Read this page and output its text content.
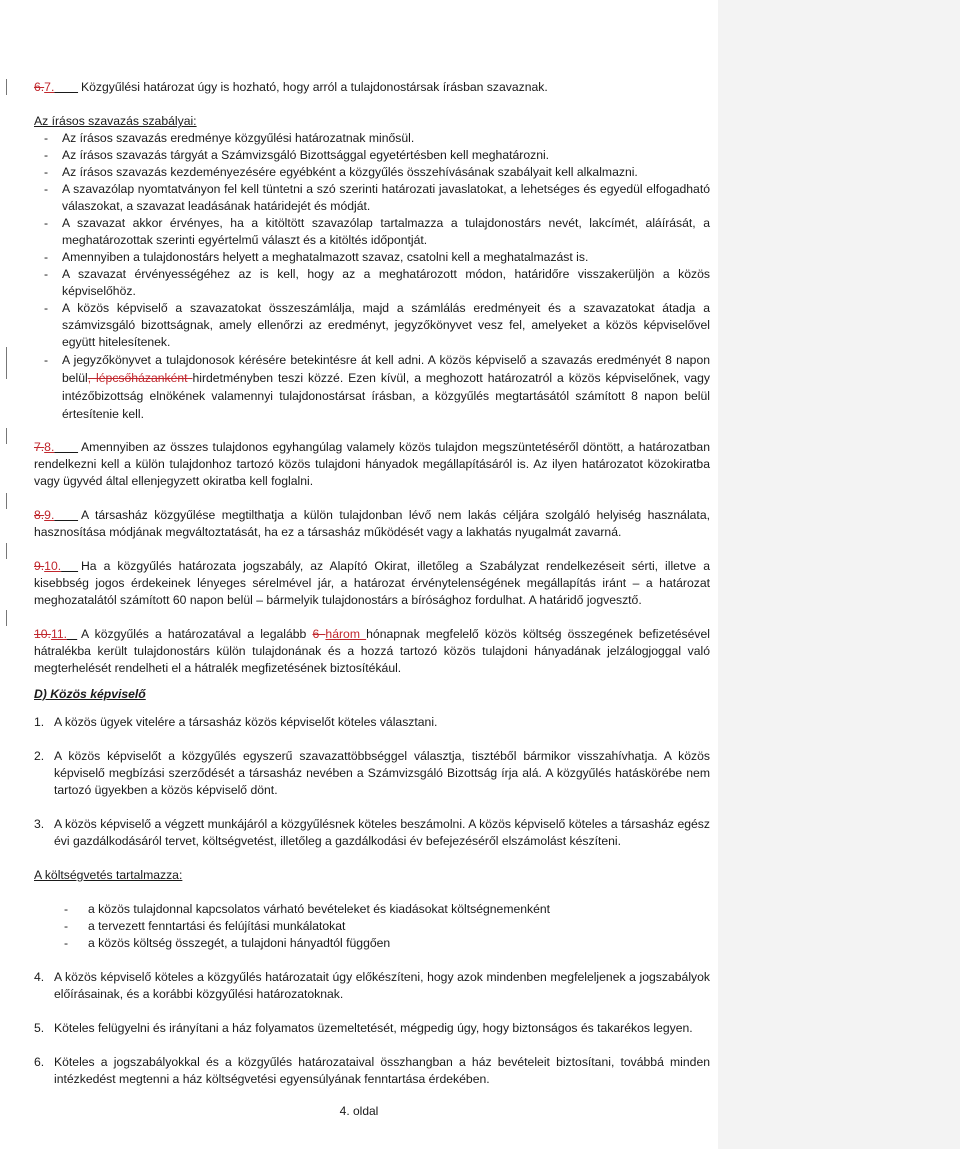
6.7. Közgyűlési határozat úgy is hozható, hogy arról a tulajdonostársak írásban szavaznak.

Az írásos szavazás szabályai:

- Az írásos szavazás eredménye közgyűlési határozatnak minősül.
- Az írásos szavazás tárgyát a Számvizsgáló Bizottsággal egyetértésben kell meghatározni.
- Az írásos szavazás kezdeményezésére egyébként a közgyűlés összehívásának szabályait kell alkalmazni.
- A szavazólap nyomtatványon fel kell tüntetni a szó szerinti határozati javaslatokat, a lehetséges és egyedül elfogadható válaszokat, a szavazat leadásának határidejét és módját.
- A szavazat akkor érvényes, ha a kitöltött szavazólap tartalmazza a tulajdonostárs nevét, lakcímét, aláírását, a meghatározottak szerinti egyértelmű választ és a kitöltés időpontját.
- Amennyiben a tulajdonostárs helyett a meghatalmazott szavaz, csatolni kell a meghatalmazást is.
- A szavazat érvényességéhez az is kell, hogy az a meghatározott módon, határidőre visszakerüljön a közös képviselőhöz.
- A közös képviselő a szavazatokat összeszámlálja, majd a számlálás eredményeit és a szavazatokat átadja a számvizsgáló bizottságnak, amely ellenőrzi az eredményt, jegyzőkönyvet vesz fel, amelyeket a közös képviselővel együtt hitelesítenek.
- A jegyzőkönyvet a tulajdonosok kérésére betekintésre át kell adni. A közös képviselő a szavazás eredményét 8 napon belül, lépcsőházanként hirdetményben teszi közzé. Ezen kívül, a meghozott határozatról a közös képviselőnek, vagy intézőbizottság elnökének valamennyi tulajdonostársat írásban, a közgyűlés megtartásától számított 8 napon belül értesítenie kell.

7.8. Amennyiben az összes tulajdonos egyhangúlag valamely közös tulajdon megszüntetéséről döntött, a határozatban rendelkezni kell a külön tulajdonhoz tartozó közös tulajdoni hányadok megállapításáról is. Az ilyen határozatot közokiratba vagy ügyvéd által ellenjegyzett okiratba kell foglalni.

8.9. A társasház közgyűlése megtilthatja a külön tulajdonban lévő nem lakás céljára szolgáló helyiség használata, hasznosítása módjának megváltoztatását, ha ez a társasház működését vagy a lakhatás nyugalmát zavarná.

9.10. Ha a közgyűlés határozata jogszabály, az Alapító Okirat, illetőleg a Szabályzat rendelkezéseit sérti, illetve a kisebbség jogos érdekeinek lényeges sérelmével jár, a határozat érvénytelenségének megállapítás iránt – a határozat meghozatalától számított 60 napon belül – bármelyik tulajdonostárs a bírósághoz fordulhat. A határidő jogvesztő.

10.11. A közgyűlés a határozatával a legalább 6 három hónapnak megfelelő közös költség összegének befizetésével hátralékba került tulajdonostárs külön tulajdonának és a hozzá tartozó közös tulajdoni hányadának jelzálogjoggal való megterhelését rendelheti el a hátralék megfizetésének biztosítékául.

D) Közös képviselő

1. A közös ügyek vitelére a társasház közös képviselőt köteles választani.

2. A közös képviselőt a közgyűlés egyszerű szavazattöbbséggel választja, tisztéből bármikor visszahívhatja. A közös képviselő megbízási szerződését a társasház nevében a Számvizsgáló Bizottság írja alá. A közgyűlés hatáskörébe nem tartozó ügyekben a közös képviselő dönt.
3. A közös képviselő a végzett munkájáról a közgyűlésnek köteles beszámolni. A közös képviselő köteles a társasház egész évi gazdálkodásáról tervet, költségvetést, illetőleg a gazdálkodási év befejezéséről elszámolást készíteni.

A költségvetés tartalmazza:

- a közös tulajdonnal kapcsolatos várható bevételeket és kiadásokat költségnemenként
- a tervezett fenntartási és felújítási munkálatokat
- a közös költség összegét, a tulajdoni hányadtól függően
4. A közös képviselő köteles a közgyűlés határozatait úgy előkészíteni, hogy azok mindenben megfeleljenek a jogszabályok előírásainak, és a korábbi közgyűlési határozatoknak.
5. Köteles felügyelni és irányítani a ház folyamatos üzemeltetését, mégpedig úgy, hogy biztonságos és takarékos legyen.
6. Köteles a jogszabályokkal és a közgyűlés határozataival összhangban a ház bevételeit biztosítani, továbbá minden intézkedést megtenni a ház költségvetési egyensúlyának fenntartása érdekében.
4. oldal
